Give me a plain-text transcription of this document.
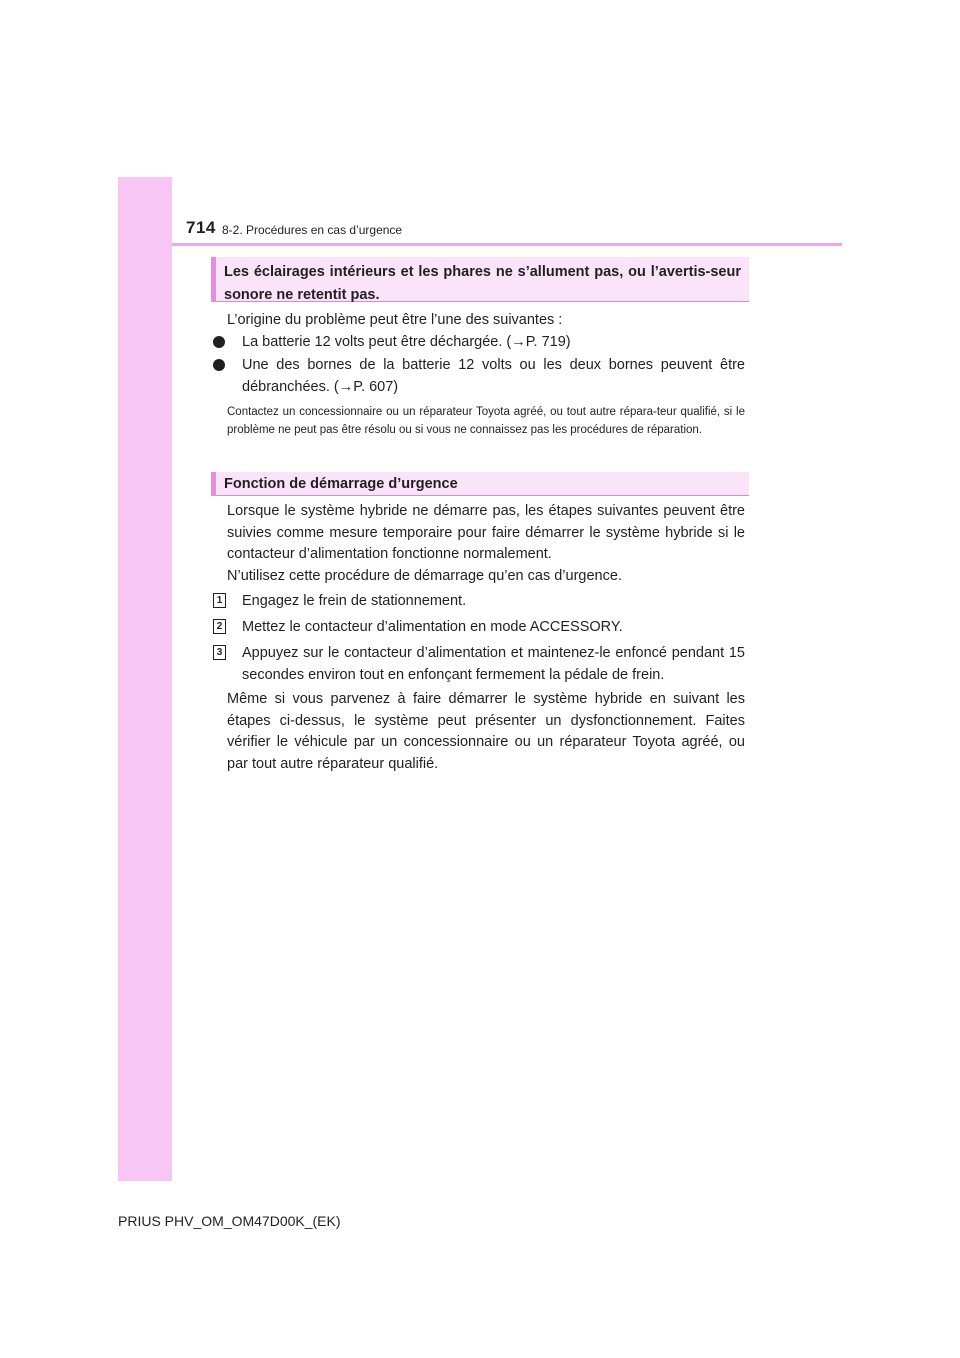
714 8-2. Procédures en cas d’urgence
Les éclairages intérieurs et les phares ne s’allument pas, ou l’avertis-seur sonore ne retentit pas.

L’origine du problème peut être l’une des suivantes :

La batterie 12 volts peut être déchargée. (→P. 719)
Une des bornes de la batterie 12 volts ou les deux bornes peuvent être débranchées. (→P. 607)
Contactez un concessionnaire ou un réparateur Toyota agréé, ou tout autre répara-teur qualifié, si le problème ne peut pas être résolu ou si vous ne connaissez pas les procédures de réparation.
Fonction de démarrage d’urgence

Lorsque le système hybride ne démarre pas, les étapes suivantes peuvent être suivies comme mesure temporaire pour faire démarrer le système hybride si le contacteur d’alimentation fonctionne normalement.

N’utilisez cette procédure de démarrage qu’en cas d’urgence.

1 Engagez le frein de stationnement.
2 Mettez le contacteur d’alimentation en mode ACCESSORY.
3 Appuyez sur le contacteur d’alimentation et maintenez-le enfoncé pendant 15 secondes environ tout en enfonçant fermement la pédale de frein.

Même si vous parvenez à faire démarrer le système hybride en suivant les étapes ci-dessus, le système peut présenter un dysfonctionnement. Faites vérifier le véhicule par un concessionnaire ou un réparateur Toyota agréé, ou par tout autre réparateur qualifié.

PRIUS PHV_OM_OM47D00K_(EK)
